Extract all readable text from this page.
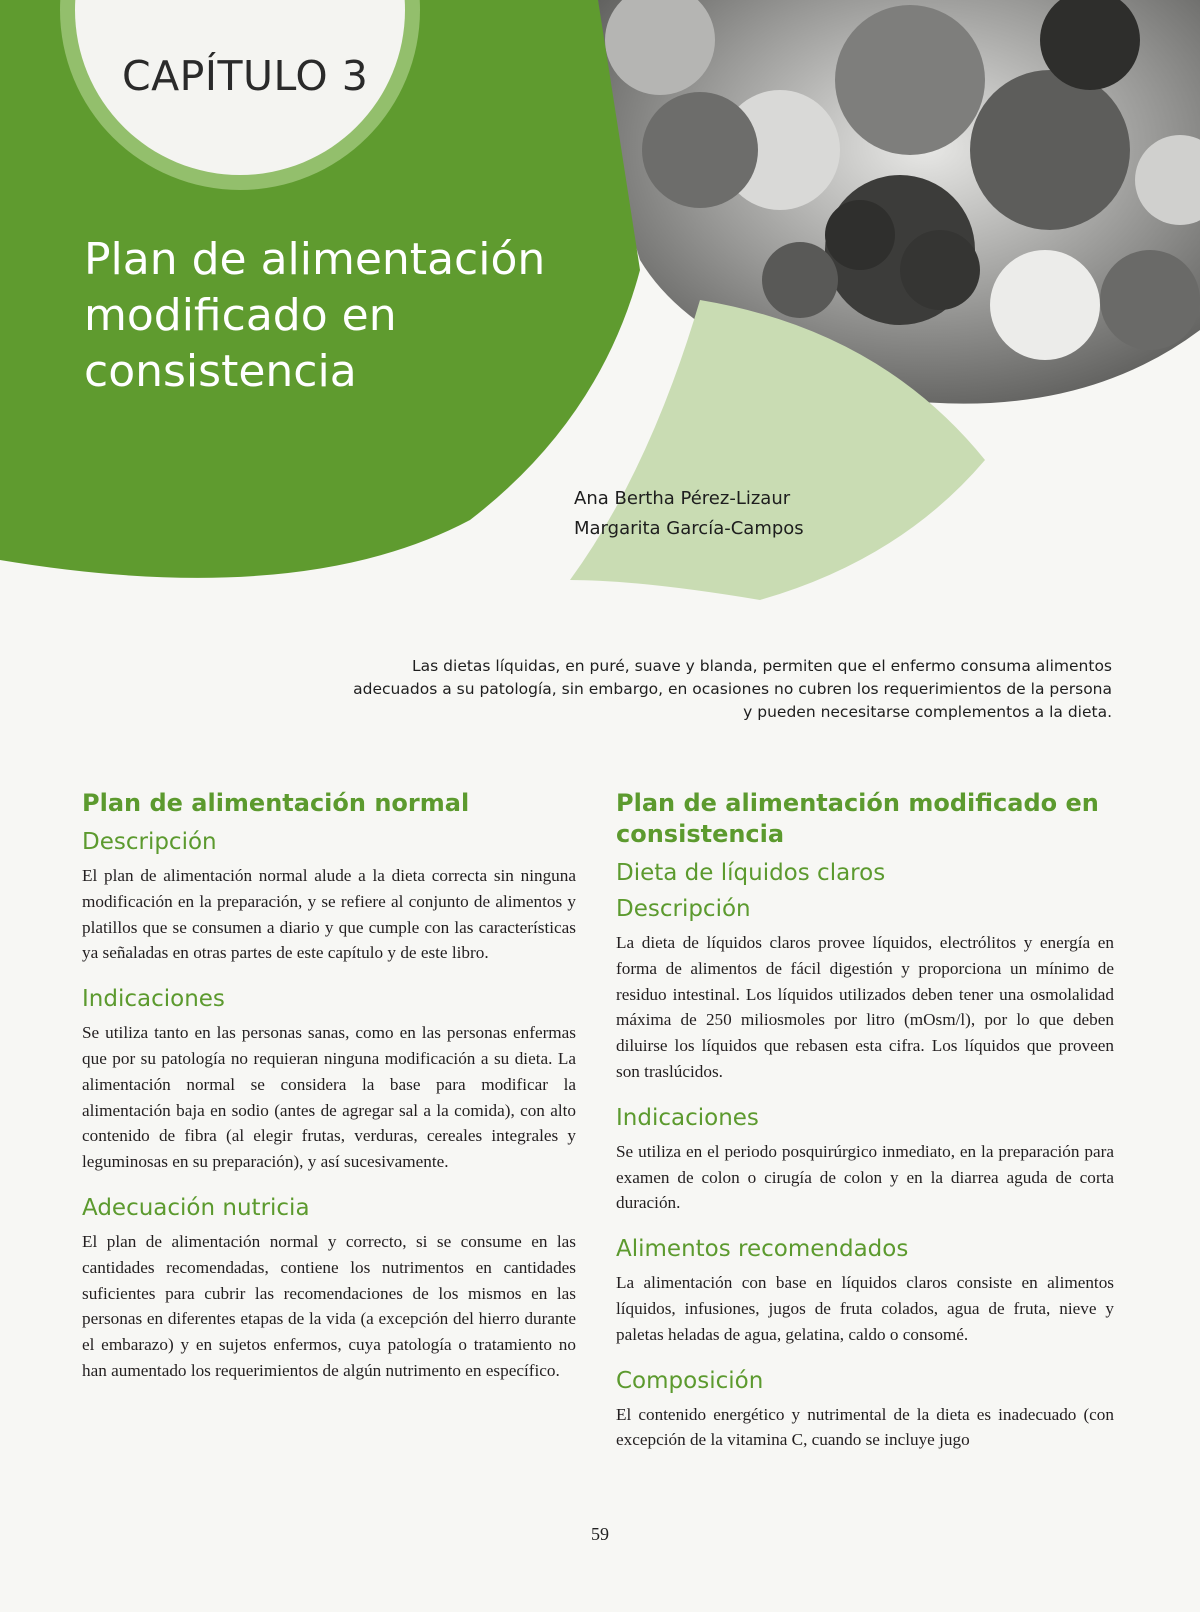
CAPÍTULO 3
Plan de alimentación modificado en consistencia
Ana Bertha Pérez-Lizaur
Margarita García-Campos

Las dietas líquidas, en puré, suave y blanda, permiten que el enfermo consuma alimentos adecuados a su patología, sin embargo, en ocasiones no cubren los requerimientos de la persona y pueden necesitarse complementos a la dieta.

Plan de alimentación normal
Descripción

El plan de alimentación normal alude a la dieta correcta sin ninguna modificación en la preparación, y se refiere al conjunto de alimentos y platillos que se consumen a diario y que cumple con las características ya señaladas en otras partes de este capítulo y de este libro.

Indicaciones

Se utiliza tanto en las personas sanas, como en las personas enfermas que por su patología no requieran ninguna modificación a su dieta. La alimentación normal se considera la base para modificar la alimentación baja en sodio (antes de agregar sal a la comida), con alto contenido de fibra (al elegir frutas, verduras, cereales integrales y leguminosas en su preparación), y así sucesivamente.

Adecuación nutricia

El plan de alimentación normal y correcto, si se consume en las cantidades recomendadas, contiene los nutrimentos en cantidades suficientes para cubrir las recomendaciones de los mismos en las personas en diferentes etapas de la vida (a excepción del hierro durante el embarazo) y en sujetos enfermos, cuya patología o tratamiento no han aumentado los requerimientos de algún nutrimento en específico.

Plan de alimentación modificado en consistencia
Dieta de líquidos claros
Descripción

La dieta de líquidos claros provee líquidos, electrólitos y energía en forma de alimentos de fácil digestión y proporciona un mínimo de residuo intestinal. Los líquidos utilizados deben tener una osmolalidad máxima de 250 miliosmoles por litro (mOsm/l), por lo que deben diluirse los líquidos que rebasen esta cifra. Los líquidos que proveen son traslúcidos.

Indicaciones

Se utiliza en el periodo posquirúrgico inmediato, en la preparación para examen de colon o cirugía de colon y en la diarrea aguda de corta duración.

Alimentos recomendados

La alimentación con base en líquidos claros consiste en alimentos líquidos, infusiones, jugos de fruta colados, agua de fruta, nieve y paletas heladas de agua, gelatina, caldo o consomé.

Composición

El contenido energético y nutrimental de la dieta es inadecuado (con excepción de la vitamina C, cuando se incluye jugo

59
